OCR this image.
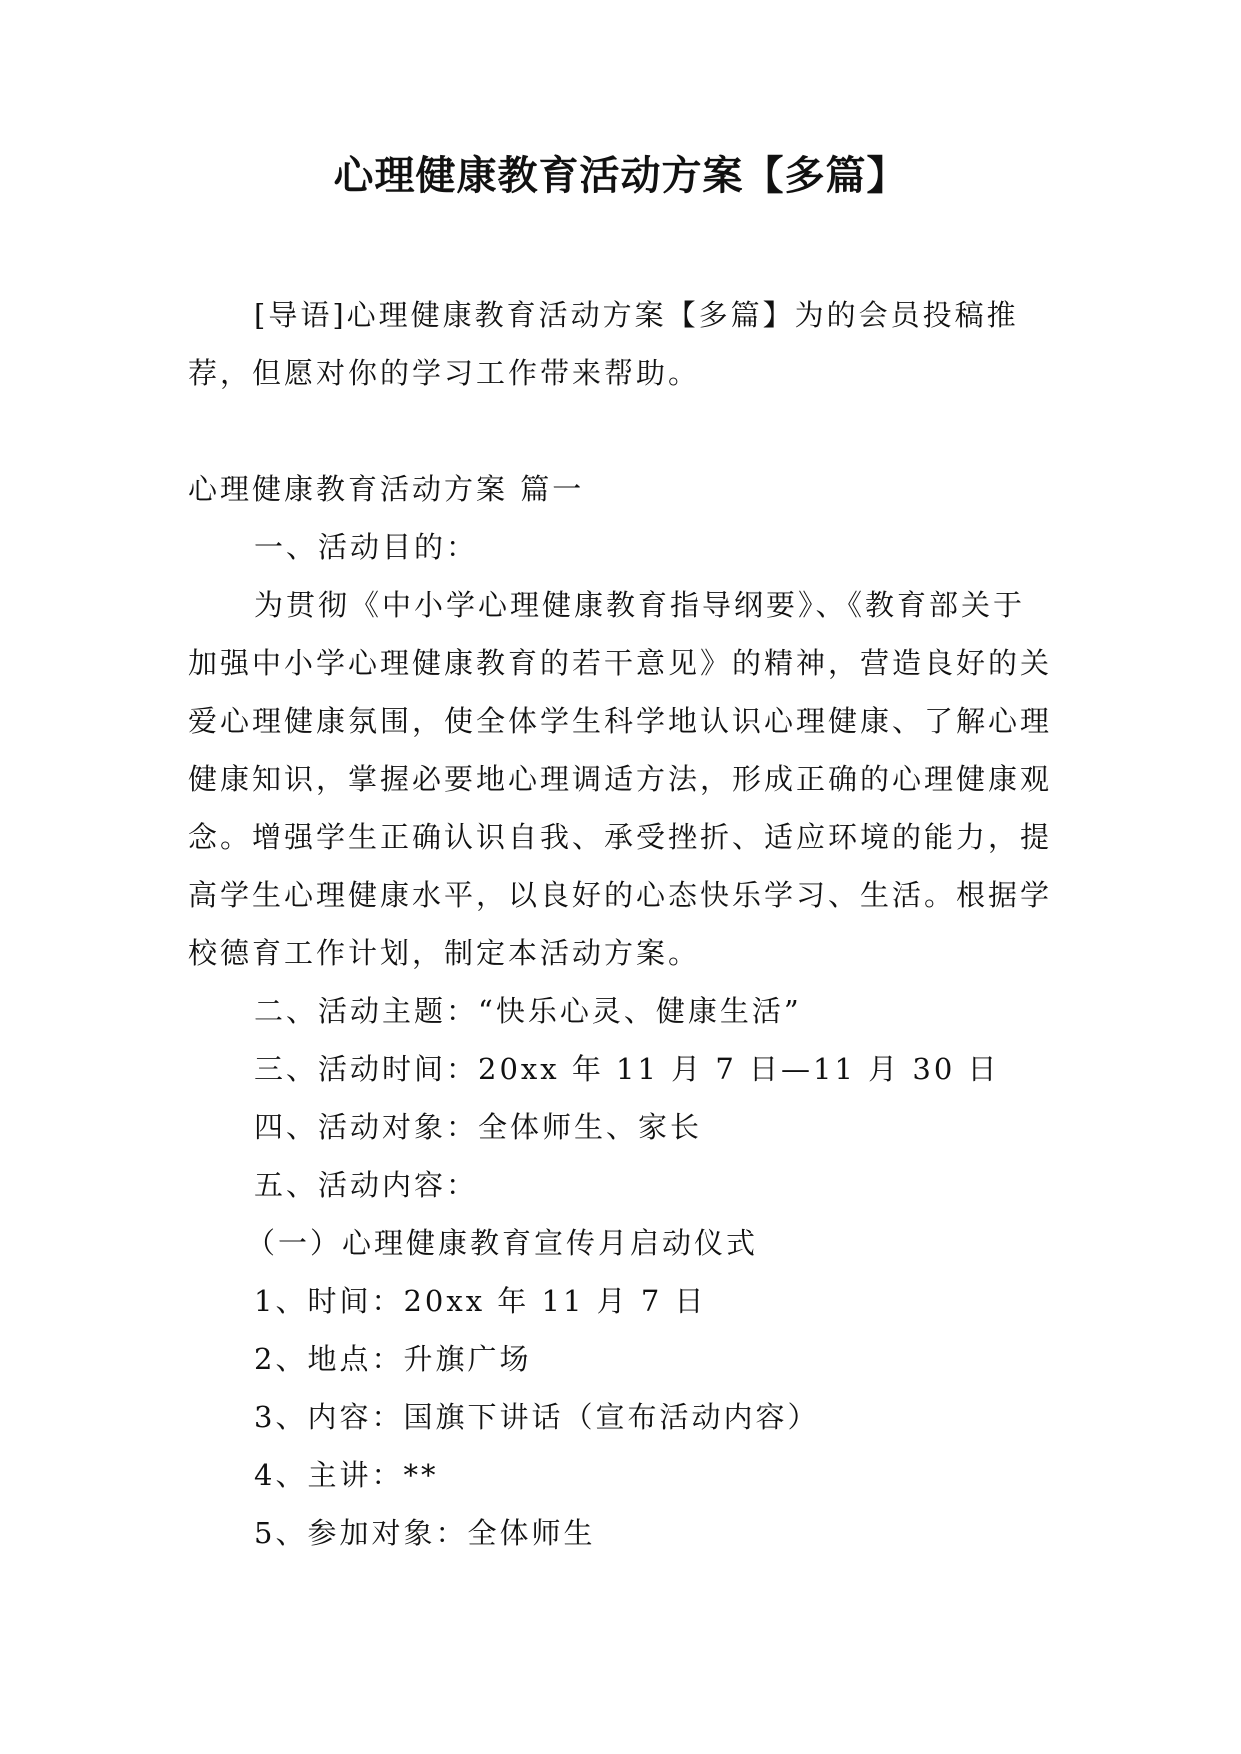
心理健康教育活动方案【多篇】

[导语]心理健康教育活动方案【多篇】为的会员投稿推荐，但愿对你的学习工作带来帮助。

心理健康教育活动方案 篇一

一、活动目的：

为贯彻《中小学心理健康教育指导纲要》、《教育部关于加强中小学心理健康教育的若干意见》的精神，营造良好的关爱心理健康氛围，使全体学生科学地认识心理健康、了解心理健康知识，掌握必要地心理调适方法，形成正确的心理健康观念。增强学生正确认识自我、承受挫折、适应环境的能力，提高学生心理健康水平，以良好的心态快乐学习、生活。根据学校德育工作计划，制定本活动方案。

二、活动主题：“快乐心灵、健康生活”

三、活动时间：20xx 年 11 月 7 日—11 月 30 日

四、活动对象：全体师生、家长

五、活动内容：

（一）心理健康教育宣传月启动仪式

1、时间：20xx 年 11 月 7 日

2、地点：升旗广场

3、内容：国旗下讲话（宣布活动内容）

4、主讲：**

5、参加对象：全体师生
